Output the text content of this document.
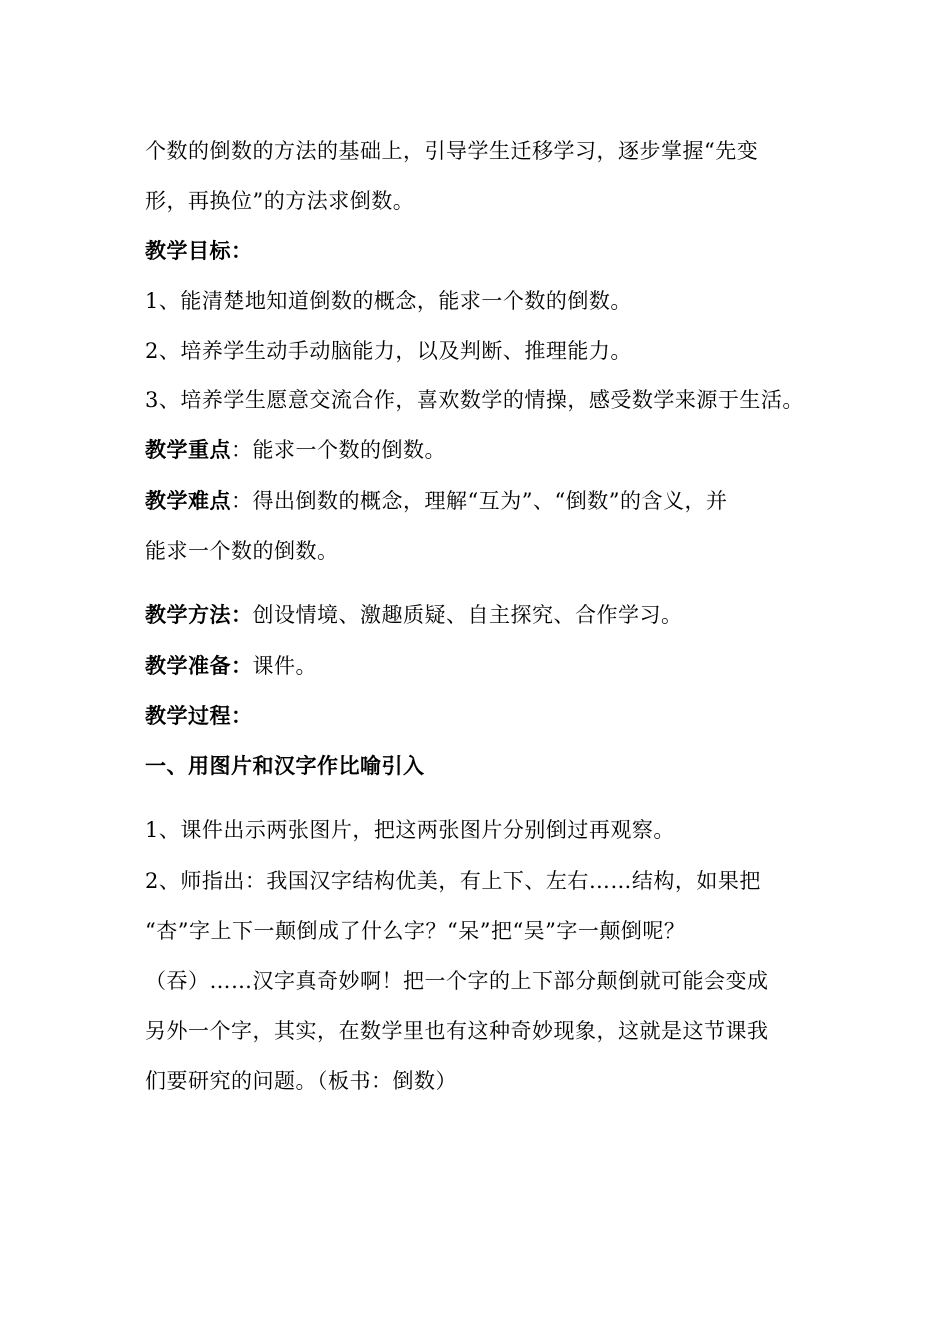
个数的倒数的方法的基础上，引导学生迁移学习，逐步掌握“先变
形，再换位”的方法求倒数。
教学目标：
1、能清楚地知道倒数的概念，能求一个数的倒数。
2、培养学生动手动脑能力，以及判断、推理能力。
3、培养学生愿意交流合作，喜欢数学的情操，感受数学来源于生活。
教学重点：能求一个数的倒数。
教学难点：得出倒数的概念，理解“互为”、“倒数”的含义，并
能求一个数的倒数。
教学方法：创设情境、激趣质疑、自主探究、合作学习。
教学准备：课件。
教学过程：
一、用图片和汉字作比喻引入
1、课件出示两张图片，把这两张图片分别倒过再观察。
2、师指出：我国汉字结构优美，有上下、左右……结构，如果把
“杏”字上下一颠倒成了什么字？“呆”把“吴”字一颠倒呢？
（吞）……汉字真奇妙啊！把一个字的上下部分颠倒就可能会变成
另外一个字，其实，在数学里也有这种奇妙现象，这就是这节课我
们要研究的问题。（板书：倒数）
